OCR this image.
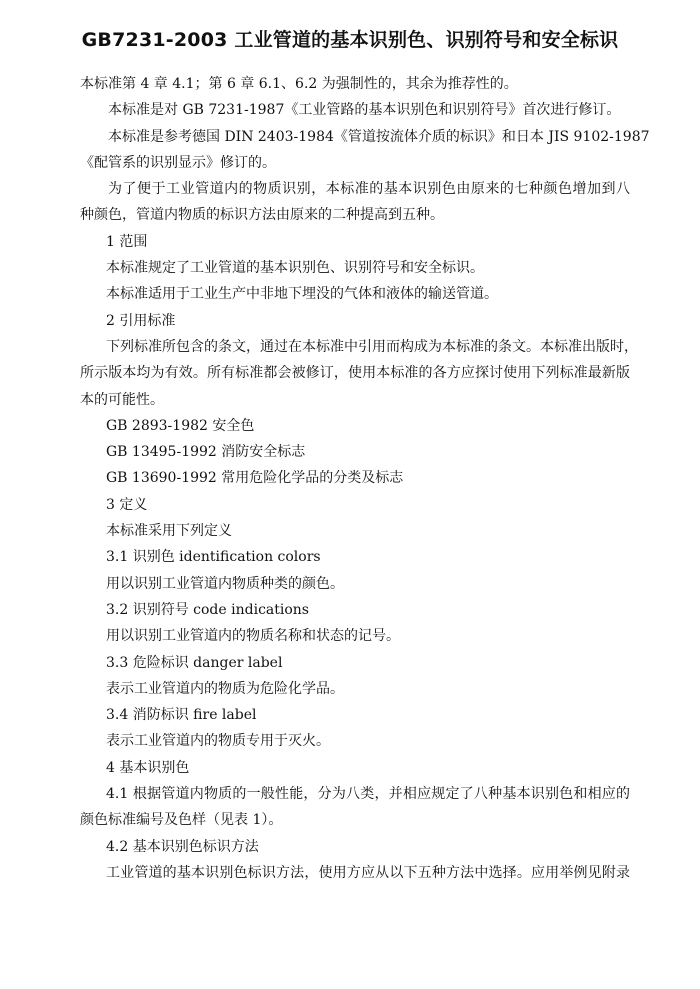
GB7231-2003 工业管道的基本识别色、识别符号和安全标识
本标准第 4 章 4.1；第 6 章 6.1、6.2 为强制性的，其余为推荐性的。
本标准是对 GB 7231-1987《工业管路的基本识别色和识别符号》首次进行修订。
本标准是参考德国 DIN 2403-1984《管道按流体介质的标识》和日本 JIS 9102-1987
《配管系的识别显示》修订的。
为了便于工业管道内的物质识别，本标准的基本识别色由原来的七种颜色增加到八
种颜色，管道内物质的标识方法由原来的二种提高到五种。
1 范围
本标准规定了工业管道的基本识别色、识别符号和安全标识。
本标准适用于工业生产中非地下埋没的气体和液体的输送管道。
2 引用标准
下列标准所包含的条文，通过在本标准中引用而构成为本标准的条文。本标准出版时，
所示版本均为有效。所有标准都会被修订，使用本标准的各方应探讨使用下列标准最新版
本的可能性。
GB 2893-1982 安全色
GB 13495-1992 消防安全标志
GB 13690-1992 常用危险化学品的分类及标志
3 定义
本标准采用下列定义
3.1 识别色 identification colors
用以识别工业管道内物质种类的颜色。
3.2 识别符号 code indications
用以识别工业管道内的物质名称和状态的记号。
3.3 危险标识 danger label
表示工业管道内的物质为危险化学品。
3.4 消防标识 fire label
表示工业管道内的物质专用于灭火。
4 基本识别色
4.1 根据管道内物质的一般性能，分为八类，并相应规定了八种基本识别色和相应的
颜色标准编号及色样（见表 1）。
4.2 基本识别色标识方法
工业管道的基本识别色标识方法，使用方应从以下五种方法中选择。应用举例见附录
